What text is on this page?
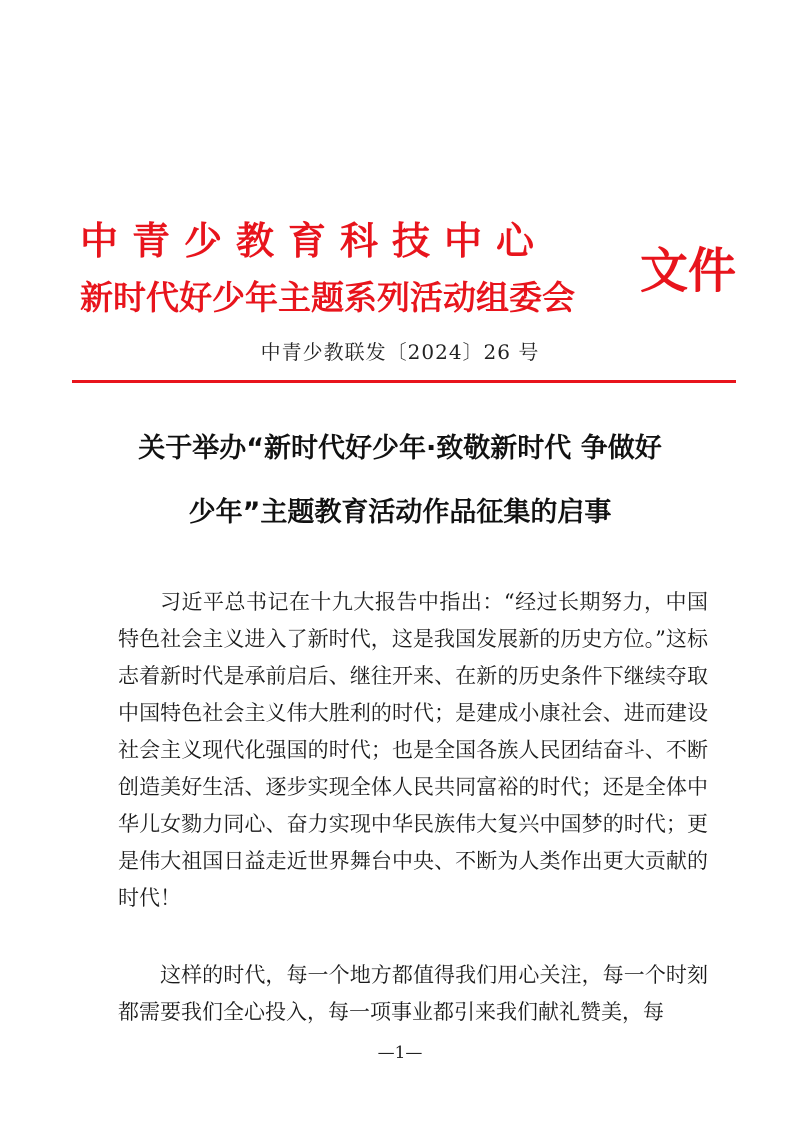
中青少教育科技中心
新时代好少年主题系列活动组委会 文件
中青少教联发〔2024〕26 号
关于举办“新时代好少年·致敬新时代 争做好
少年”主题教育活动作品征集的启事
习近平总书记在十九大报告中指出：“经过长期努力，中国特色社会主义进入了新时代，这是我国发展新的历史方位。”这标志着新时代是承前启后、继往开来、在新的历史条件下继续夺取中国特色社会主义伟大胜利的时代；是建成小康社会、进而建设社会主义现代化强国的时代；也是全国各族人民团结奋斗、不断创造美好生活、逐步实现全体人民共同富裕的时代；还是全体中华儿女勠力同心、奋力实现中华民族伟大复兴中国梦的时代；更是伟大祖国日益走近世界舞台中央、不断为人类作出更大贡献的时代！
这样的时代，每一个地方都值得我们用心关注，每一个时刻都需要我们全心投入，每一项事业都引来我们献礼赞美，每
—1—
